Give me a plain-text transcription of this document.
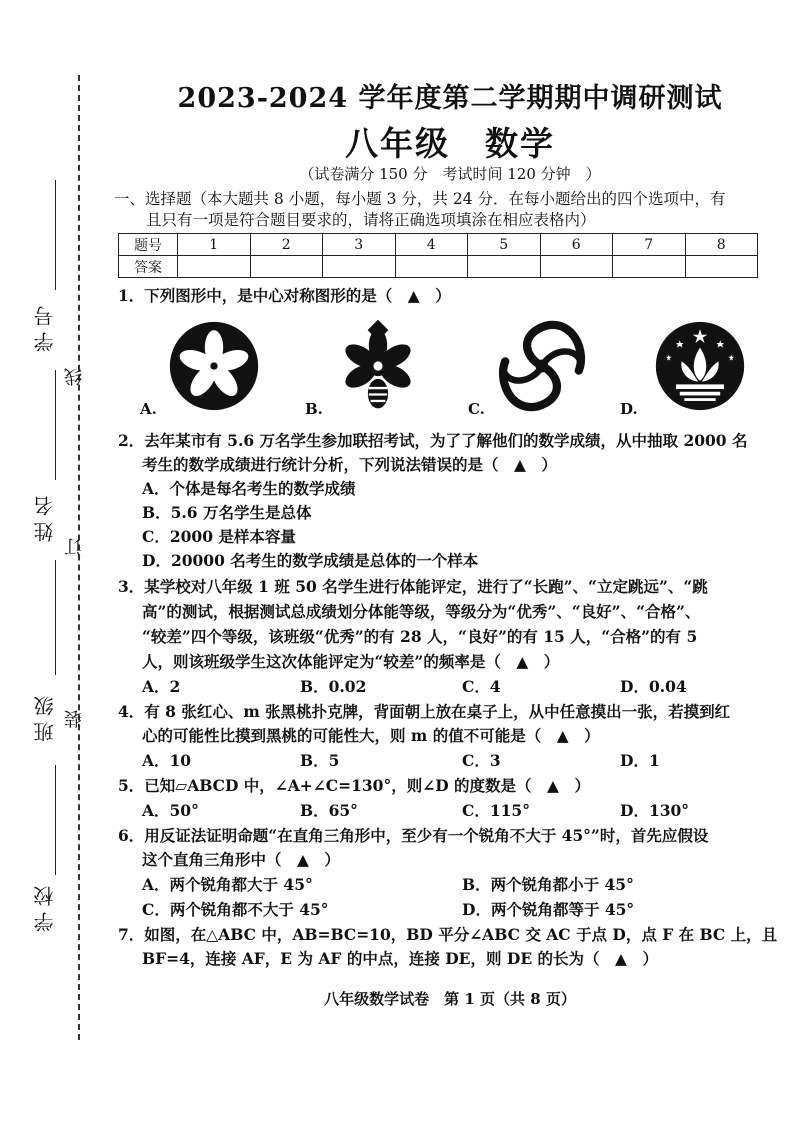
学号
姓名
班级
学校
线
订
装
2023-2024 学年度第二学期期中调研测试
八年级　数学
（试卷满分 150 分　考试时间 120 分钟　）
一、选择题（本大题共 8 小题，每小题 3 分，共 24 分．在每小题给出的四个选项中，有
且只有一项是符合题目要求的，请将正确选项填涂在相应表格内）
题号	1	2	3	4	5	6	7	8
答案								
1．下列图形中，是中心对称图形的是（　▲　）
A.	B.	C.	D.
2．去年某市有 5.6 万名学生参加联招考试，为了了解他们的数学成绩，从中抽取 2000 名
考生的数学成绩进行统计分析，下列说法错误的是（　▲　）
A．个体是每名考生的数学成绩
B．5.6 万名学生是总体
C．2000 是样本容量
D．20000 名考生的数学成绩是总体的一个样本
3．某学校对八年级 1 班 50 名学生进行体能评定，进行了“长跑”、“立定跳远”、“跳
高”的测试，根据测试总成绩划分体能等级，等级分为“优秀”、“良好”、“合格”、
“较差”四个等级，该班级“优秀”的有 28 人，“良好”的有 15 人，“合格”的有 5
人，则该班级学生这次体能评定为“较差”的频率是（　▲　）
A．2	B．0.02	C．4	D．0.04
4．有 8 张红心、m 张黑桃扑克牌，背面朝上放在桌子上，从中任意摸出一张，若摸到红
心的可能性比摸到黑桃的可能性大，则 m 的值不可能是（　▲　）
A．10	B．5	C．3	D．1
5．已知▱ABCD 中，∠A+∠C=130°，则∠D 的度数是（　▲　）
A．50°	B．65°	C．115°	D．130°
6．用反证法证明命题“在直角三角形中，至少有一个锐角不大于 45°”时，首先应假设
这个直角三角形中（　▲　）
A．两个锐角都大于 45°	B．两个锐角都小于 45°
C．两个锐角都不大于 45°	D．两个锐角都等于 45°
7．如图，在△ABC 中，AB=BC=10，BD 平分∠ABC 交 AC 于点 D，点 F 在 BC 上，且
BF=4，连接 AF，E 为 AF 的中点，连接 DE，则 DE 的长为（　▲　）
八年级数学试卷　第 1 页（共 8 页）
